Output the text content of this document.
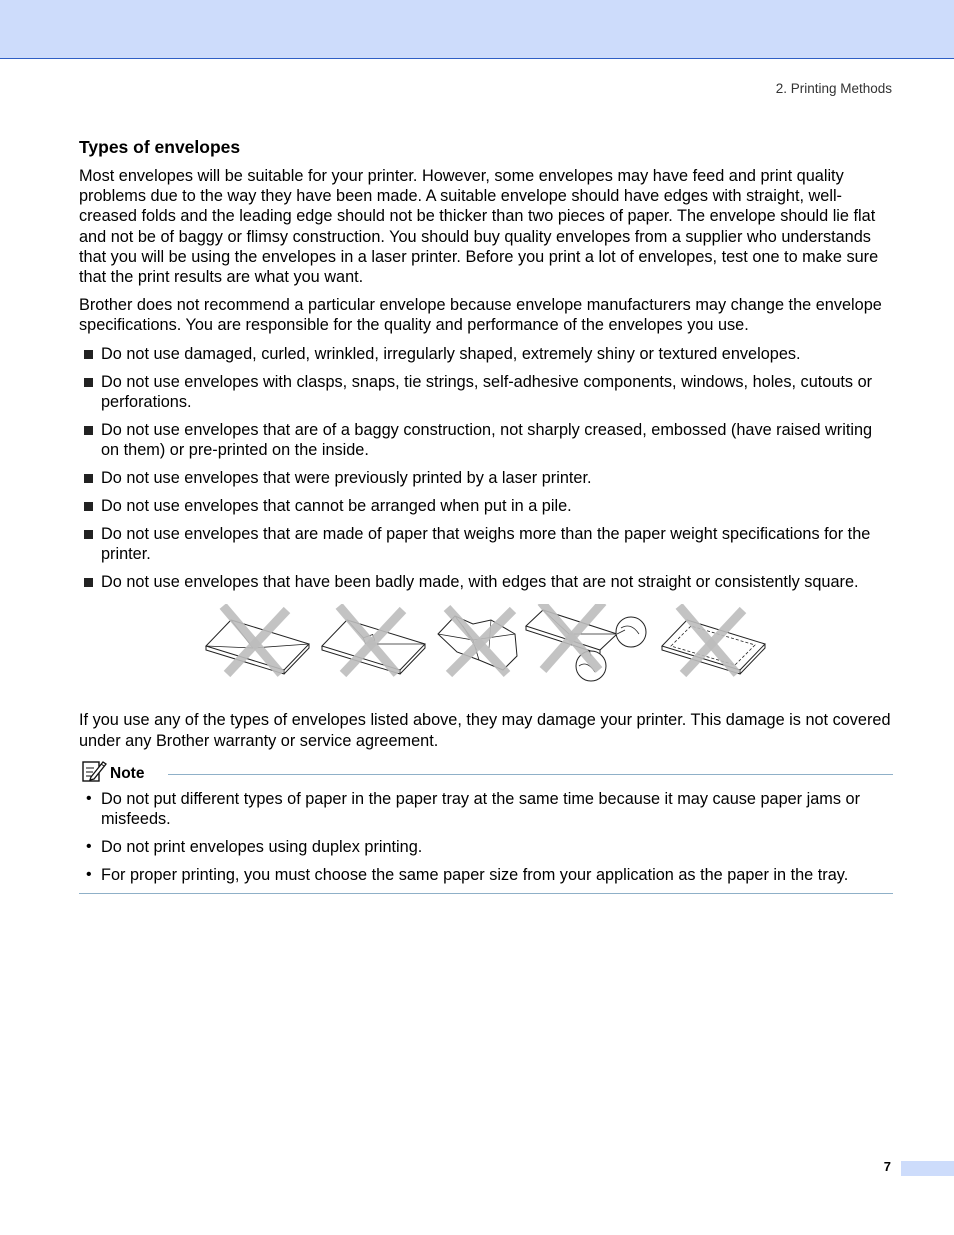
2. Printing Methods
Types of envelopes

Most envelopes will be suitable for your printer. However, some envelopes may have feed and print quality problems due to the way they have been made. A suitable envelope should have edges with straight, well-creased folds and the leading edge should not be thicker than two pieces of paper. The envelope should lie flat and not be of baggy or flimsy construction. You should buy quality envelopes from a supplier who understands that you will be using the envelopes in a laser printer. Before you print a lot of envelopes, test one to make sure that the print results are what you want.

Brother does not recommend a particular envelope because envelope manufacturers may change the envelope specifications. You are responsible for the quality and performance of the envelopes you use.

Do not use damaged, curled, wrinkled, irregularly shaped, extremely shiny or textured envelopes.
Do not use envelopes with clasps, snaps, tie strings, self-adhesive components, windows, holes, cutouts or perforations.
Do not use envelopes that are of a baggy construction, not sharply creased, embossed (have raised writing on them) or pre-printed on the inside.
Do not use envelopes that were previously printed by a laser printer.
Do not use envelopes that cannot be arranged when put in a pile.
Do not use envelopes that are made of paper that weighs more than the paper weight specifications for the printer.
Do not use envelopes that have been badly made, with edges that are not straight or consistently square.

If you use any of the types of envelopes listed above, they may damage your printer. This damage is not covered under any Brother warranty or service agreement.

Note
• Do not put different types of paper in the paper tray at the same time because it may cause paper jams or misfeeds.
• Do not print envelopes using duplex printing.
• For proper printing, you must choose the same paper size from your application as the paper in the tray.
7
